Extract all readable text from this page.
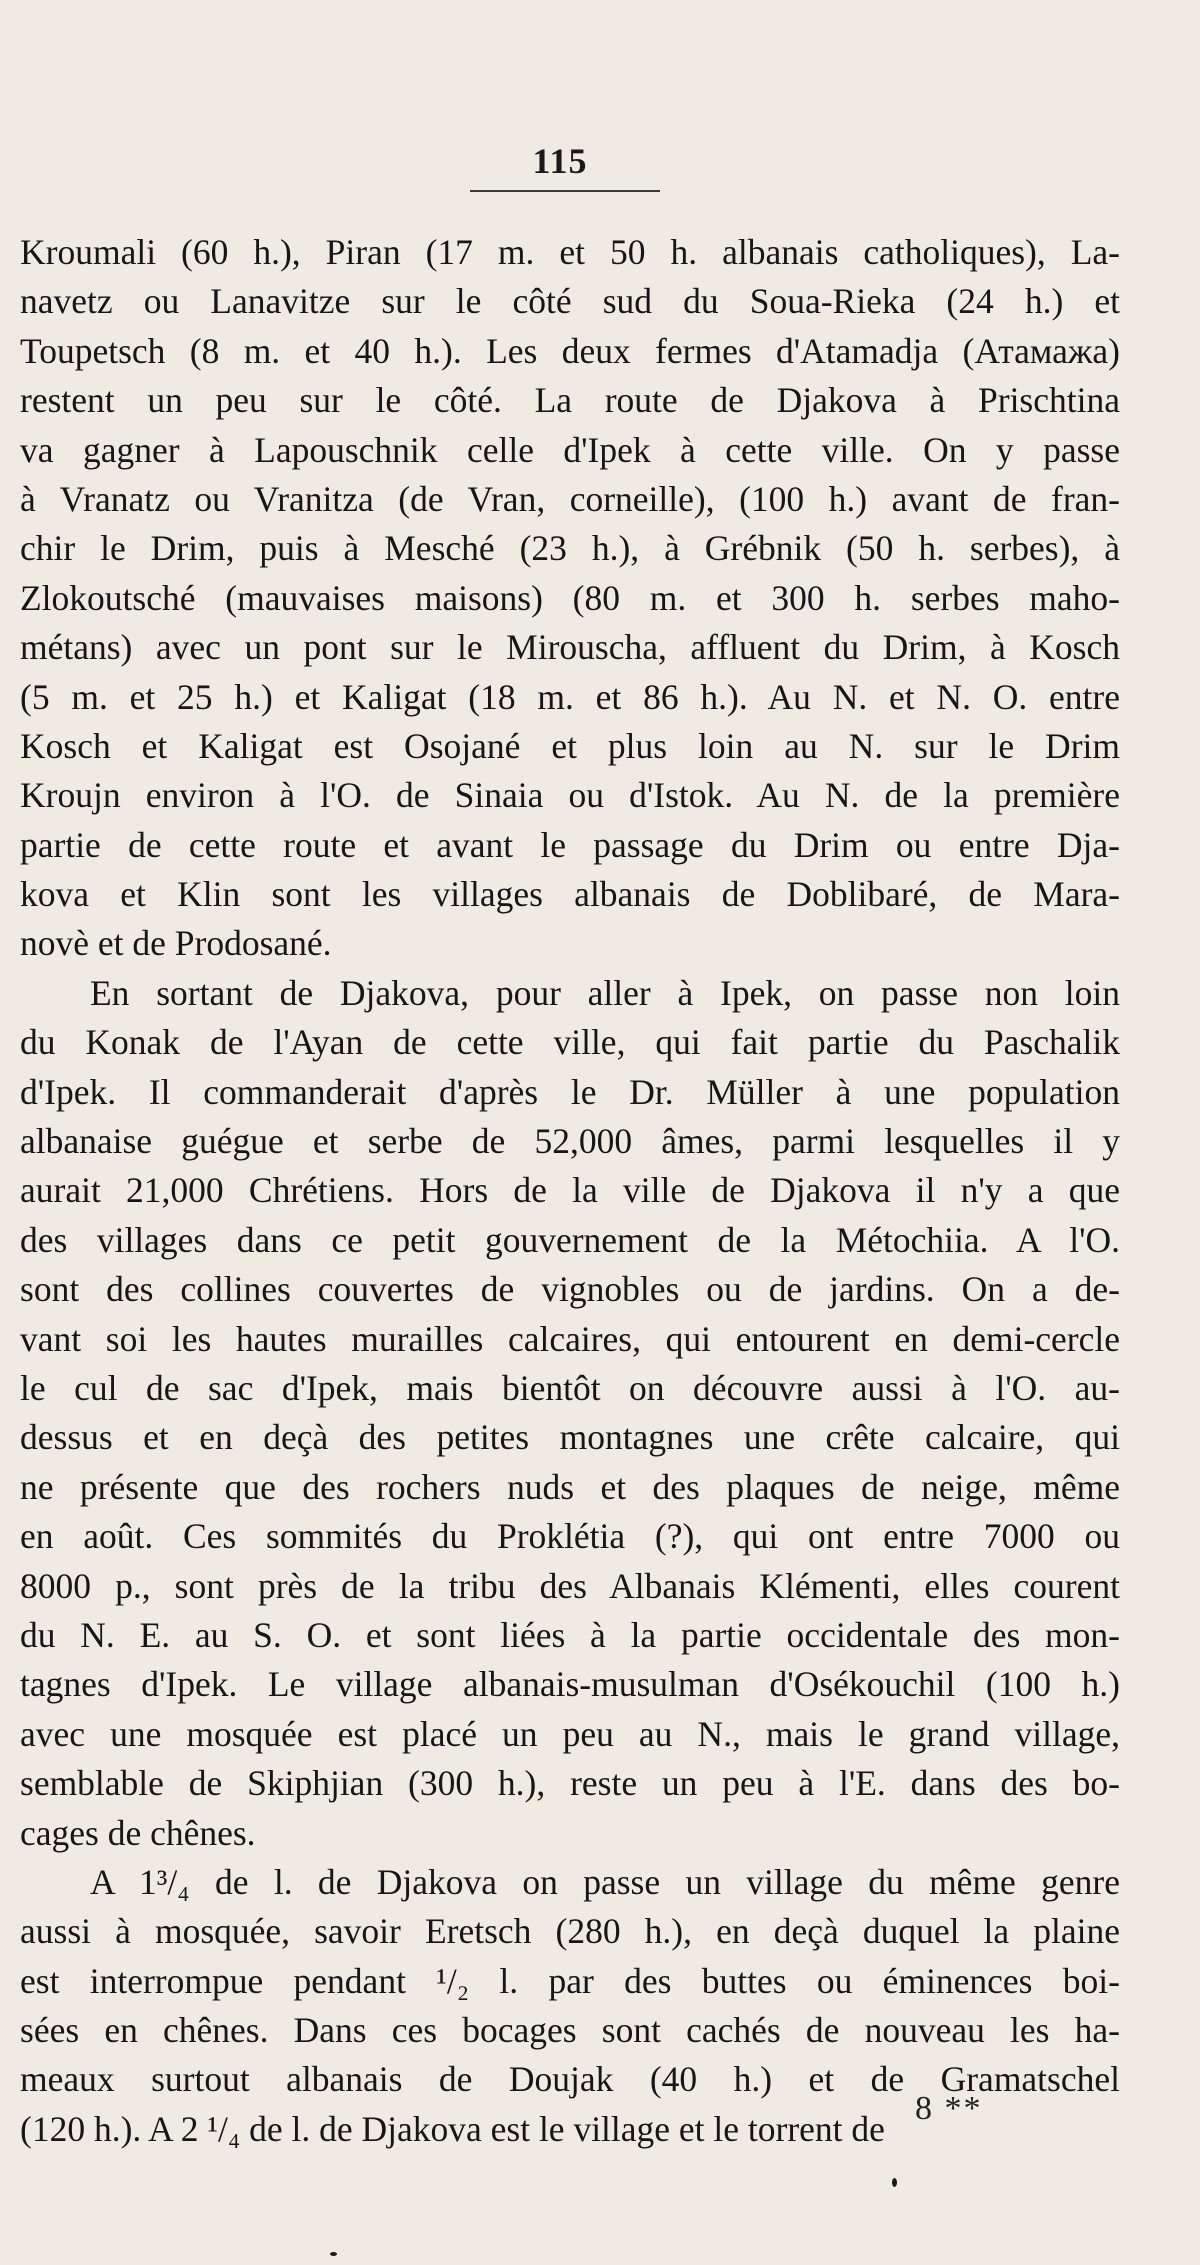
115
Kroumali (60 h.), Piran (17 m. et 50 h. albanais catholiques), La-
navetz ou Lanavitze sur le côté sud du Soua-Rieka (24 h.) et
Toupetsch (8 m. et 40 h.). Les deux fermes d'Atamadja (Атамажа)
restent un peu sur le côté. La route de Djakova à Prischtina
va gagner à Lapouschnik celle d'Ipek à cette ville. On y passe
à Vranatz ou Vranitza (de Vran, corneille), (100 h.) avant de fran-
chir le Drim, puis à Mesché (23 h.), à Grébnik (50 h. serbes), à
Zlokoutsché (mauvaises maisons) (80 m. et 300 h. serbes maho-
métans) avec un pont sur le Mirouscha, affluent du Drim, à Kosch
(5 m. et 25 h.) et Kaligat (18 m. et 86 h.). Au N. et N. O. entre
Kosch et Kaligat est Osojané et plus loin au N. sur le Drim
Kroujn environ à l'O. de Sinaia ou d'Istok. Au N. de la première
partie de cette route et avant le passage du Drim ou entre Dja-
kova et Klin sont les villages albanais de Doblibaré, de Mara-
novè et de Prodosané.
En sortant de Djakova, pour aller à Ipek, on passe non loin
du Konak de l'Ayan de cette ville, qui fait partie du Paschalik
d'Ipek. Il commanderait d'après le Dr. Müller à une population
albanaise guégue et serbe de 52,000 âmes, parmi lesquelles il y
aurait 21,000 Chrétiens. Hors de la ville de Djakova il n'y a que
des villages dans ce petit gouvernement de la Métochiia. A l'O.
sont des collines couvertes de vignobles ou de jardins. On a de-
vant soi les hautes murailles calcaires, qui entourent en demi-cercle
le cul de sac d'Ipek, mais bientôt on découvre aussi à l'O. au-
dessus et en deçà des petites montagnes une crête calcaire, qui
ne présente que des rochers nuds et des plaques de neige, même
en août. Ces sommités du Proklétia (?), qui ont entre 7000 ou
8000 p., sont près de la tribu des Albanais Klémenti, elles courent
du N. E. au S. O. et sont liées à la partie occidentale des mon-
tagnes d'Ipek. Le village albanais-musulman d'Osékouchil (100 h.)
avec une mosquée est placé un peu au N., mais le grand village,
semblable de Skiphjian (300 h.), reste un peu à l'E. dans des bo-
cages de chênes.
A 1³/₄ de l. de Djakova on passe un village du même genre
aussi à mosquée, savoir Eretsch (280 h.), en deçà duquel la plaine
est interrompue pendant ¹/₂ l. par des buttes ou éminences boi-
sées en chênes. Dans ces bocages sont cachés de nouveau les ha-
meaux surtout albanais de Doujak (40 h.) et de Gramatschel
(120 h.). A 2 ¹/₄ de l. de Djakova est le village et le torrent de
8 **
